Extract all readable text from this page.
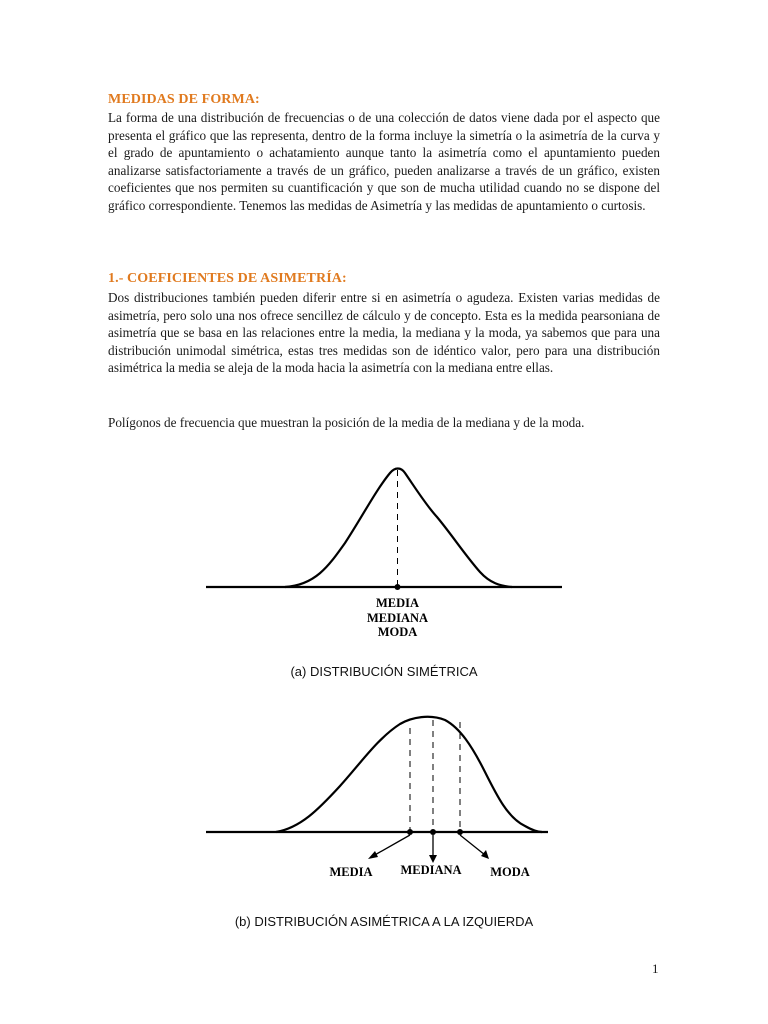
MEDIDAS DE FORMA:

La forma de una distribución de frecuencias o de una colección de datos viene dada por el aspecto que presenta el gráfico que las representa, dentro de la forma incluye la simetría o la asimetría de la curva y el grado de apuntamiento o achatamiento aunque tanto la asimetría como el apuntamiento pueden analizarse satisfactoriamente a través de un gráfico, pueden analizarse a través de un gráfico, existen coeficientes que nos permiten su cuantificación y que son de mucha utilidad cuando no se dispone del gráfico correspondiente. Tenemos las medidas de Asimetría y las medidas de apuntamiento o curtosis.

1.- COEFICIENTES DE ASIMETRÍA:

Dos distribuciones también pueden diferir entre si en asimetría o agudeza. Existen varias medidas de asimetría, pero solo una nos ofrece sencillez de cálculo y de concepto. Esta es la medida pearsoniana de asimetría que se basa en las relaciones entre la media, la mediana y la moda, ya sabemos que para una distribución unimodal simétrica, estas tres medidas son de idéntico valor, pero para una distribución asimétrica la media se aleja de la moda hacia la asimetría con la mediana entre ellas.

Polígonos de frecuencia que muestran la posición de la media de la mediana y de la moda.

MEDIA
MEDIANA
MODA

(a) DISTRIBUCIÓN SIMÉTRICA

MEDIA MEDIANA MODA

(b) DISTRIBUCIÓN ASIMÉTRICA A LA IZQUIERDA

1
